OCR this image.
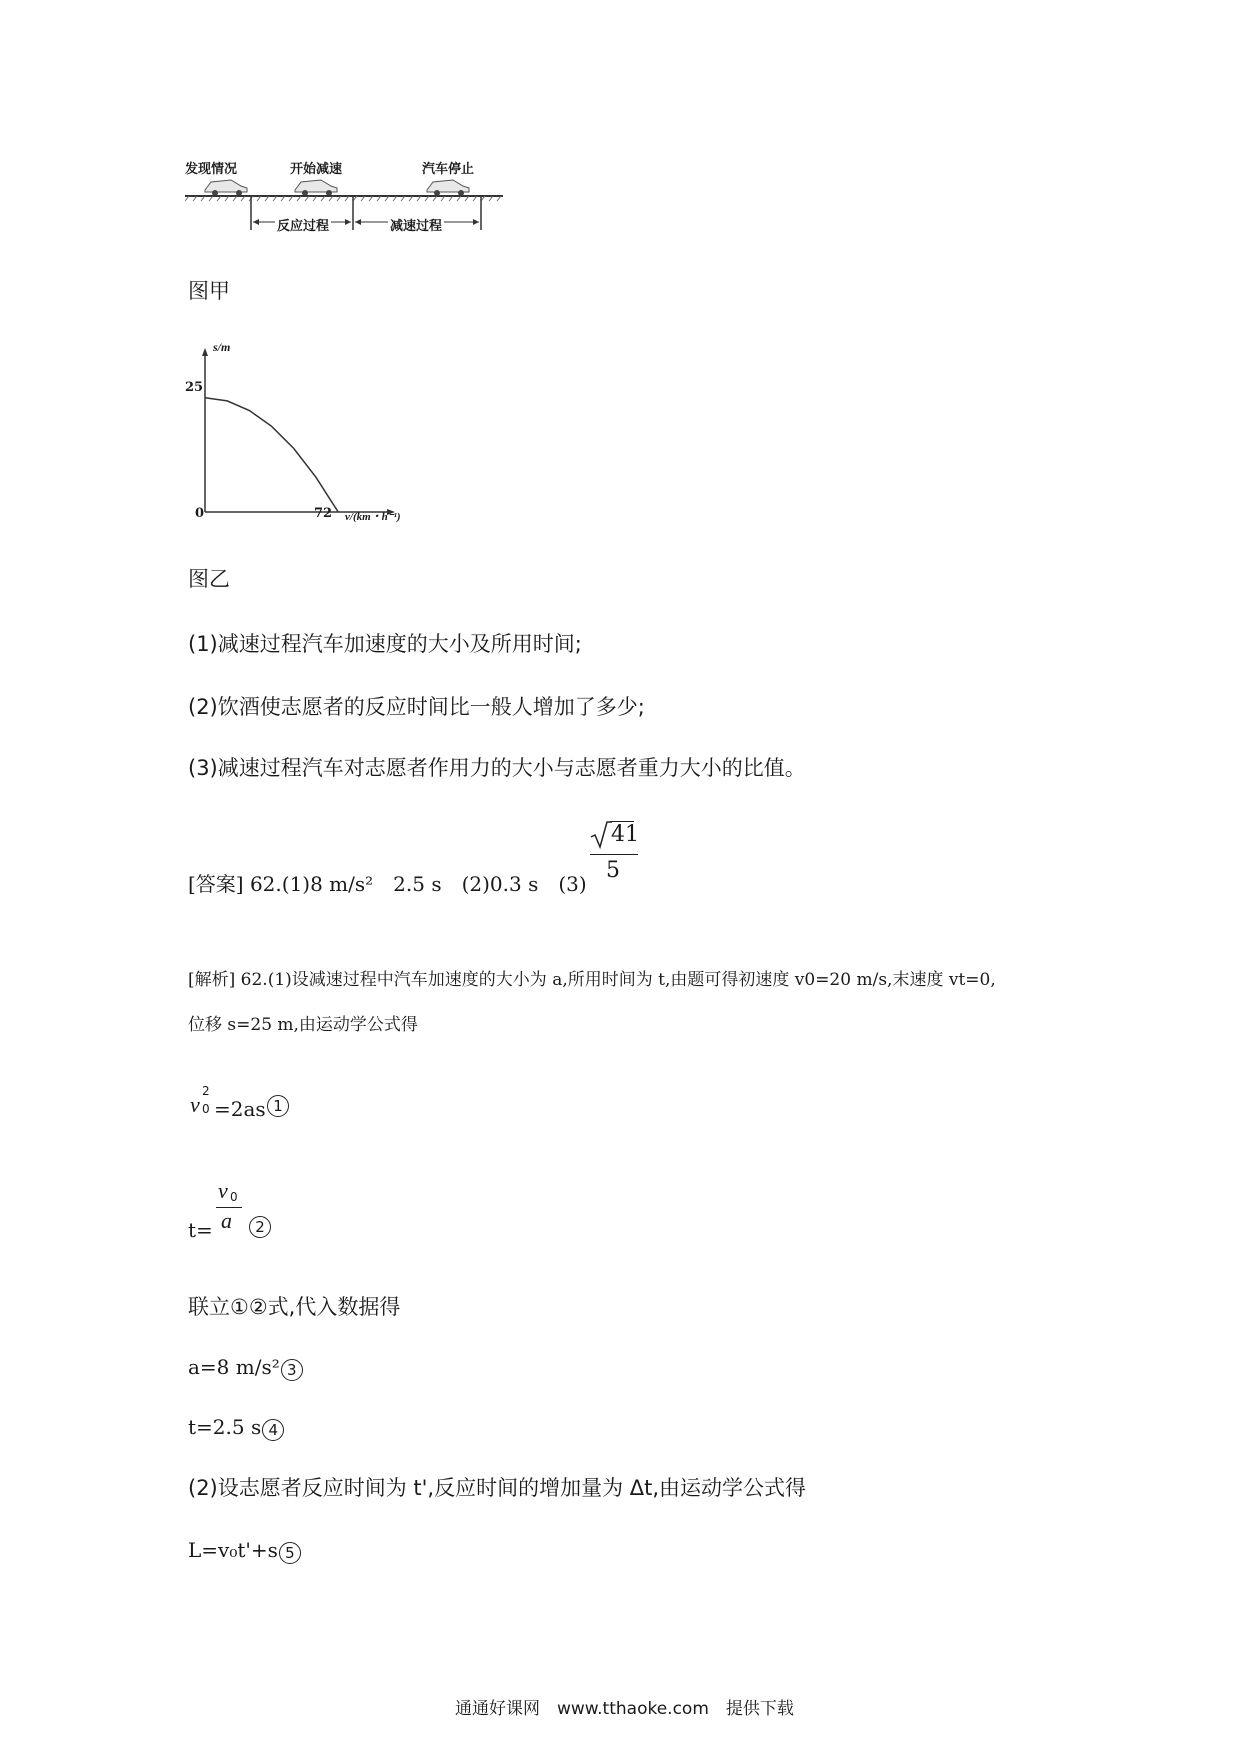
发现情况	开始减速	汽车停止
反应过程	减速过程
图甲
s/m
25
0	72 v/(km・h⁻¹)
图乙
(1)减速过程汽车加速度的大小及所用时间;
(2)饮酒使志愿者的反应时间比一般人增加了多少;
(3)减速过程汽车对志愿者作用力的大小与志愿者重力大小的比值。
[答案] 62.(1)8 m/s²　2.5 s　(2)0.3 s　(3)
41
5
[解析] 62.(1)设减速过程中汽车加速度的大小为 a,所用时间为 t,由题可得初速度 v0=20 m/s,末速度 vt=0,
位移 s=25 m,由运动学公式得
v
2
0 =2as 1
v 0
a
t=	2
联立①②式,代入数据得
a=8 m/s² 3
t=2.5 s 4
(2)设志愿者反应时间为 t',反应时间的增加量为 Δt,由运动学公式得
L=v₀t'+s 5
通通好课网　www.tthaoke.com　提供下载
